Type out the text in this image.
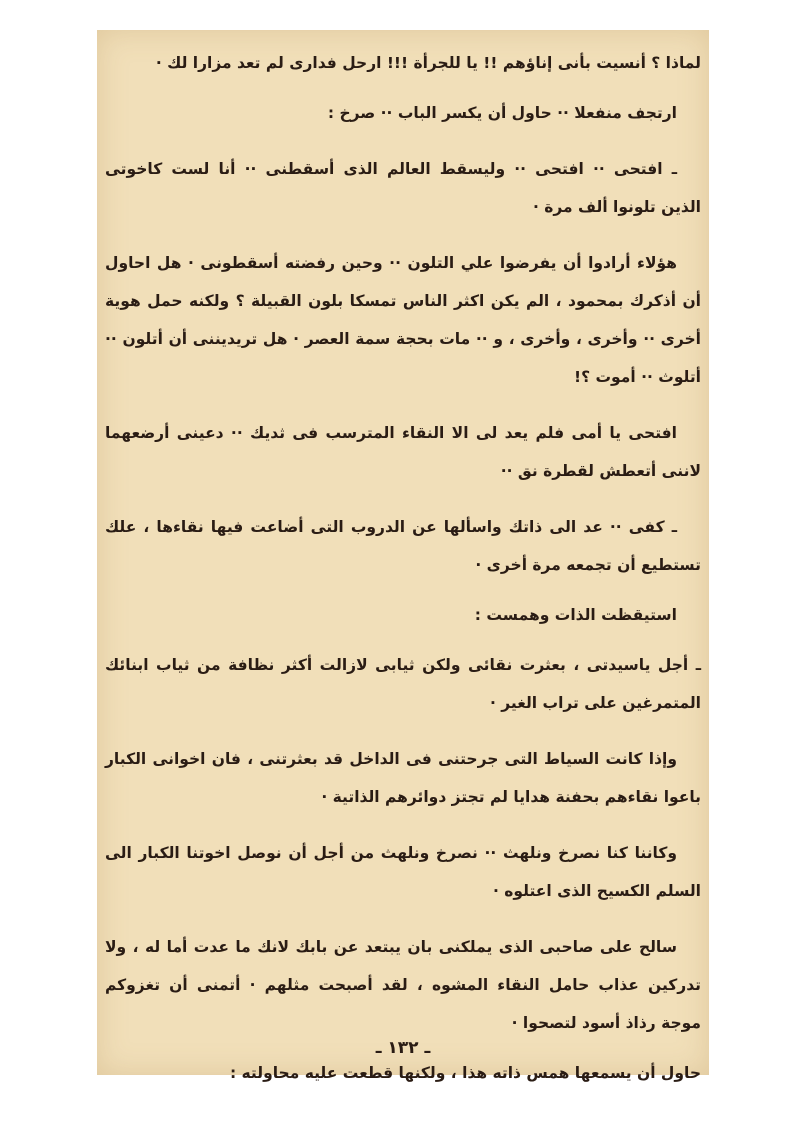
لماذا ؟ أنسيت بأنى إناؤهم !! يا للجرأة !!! ارحل فدارى لم تعد مزارا لك ·

ارتجف منفعلا ·· حاول أن يكسر الباب ·· صرخ :

ـ افتحى ·· افتحى ·· وليسقط العالم الذى أسقطنى ·· أنا لست كاخوتى الذين تلونوا ألف مرة ·

هؤلاء أرادوا أن يفرضوا علي التلون ·· وحين رفضته أسقطونى · هل احاول أن أذكرك بمحمود ، الم يكن اكثر الناس تمسكا بلون القبيلة ؟ ولكنه حمل هوية أخرى ·· وأخرى ، وأخرى ، و ·· مات بحجة سمة العصر · هل تريديننى أن أتلون ·· أتلوث ·· أموت ؟!

افتحى يا أمى فلم يعد لى الا النقاء المترسب فى ثديك ·· دعينى أرضعهما لاننى أتعطش لقطرة نق ··

ـ كفى ·· عد الى ذاتك واسألها عن الدروب التى أضاعت فيها نقاءها ، علك تستطيع أن تجمعه مرة أخرى ·

استيقظت الذات وهمست :

ـ أجل ياسيدتى ، بعثرت نقائى ولكن ثيابى لازالت أكثر نظافة من ثياب ابنائك المتمرغين على تراب الغير ·

وإذا كانت السياط التى جرحتنى فى الداخل قد بعثرتنى ، فان اخوانى الكبار باعوا نقاءهم بحفنة هدايا لم تجتز دوائرهم الذاتية ·

وكاننا كنا نصرخ ونلهث ·· نصرخ ونلهث من أجل أن نوصل اخوتنا الكبار الى السلم الكسيح الذى اعتلوه ·

سالح على صاحبى الذى يملكنى بان يبتعد عن بابك لانك ما عدت أما له ، ولا تدركين عذاب حامل النقاء المشوه ، لقد أصبحت مثلهم · أتمنى أن تغزوكم موجة رذاذ أسود لتصحوا ·

حاول أن يسمعها همس ذاته هذا ، ولكنها قطعت عليه محاولته :

ـ ١٣٢ ـ
